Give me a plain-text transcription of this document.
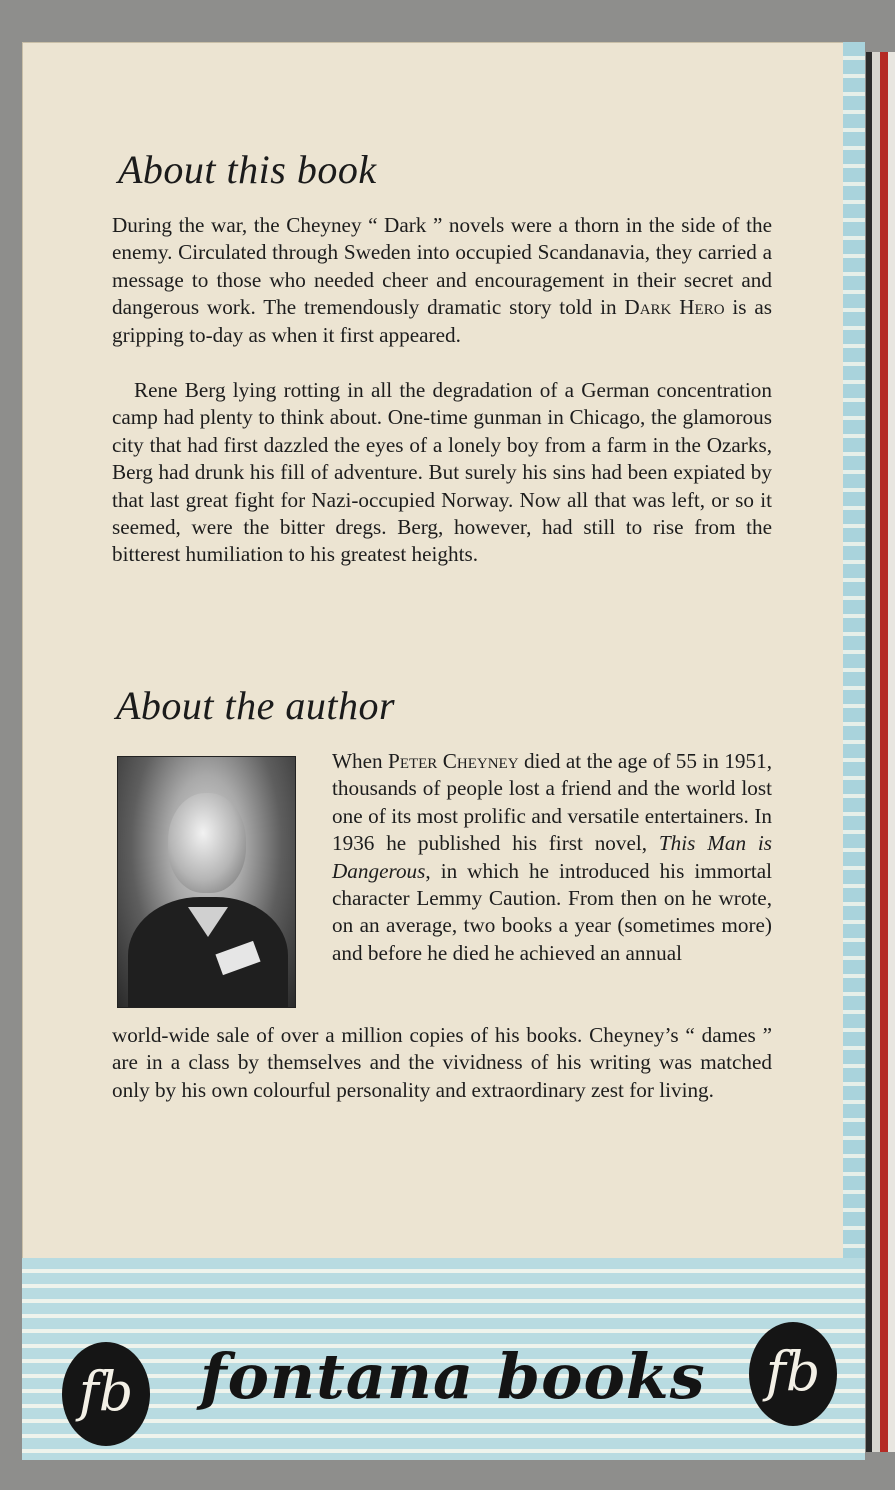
About this book

During the war, the Cheyney “ Dark ” novels were a thorn in the side of the enemy. Circulated through Sweden into occupied Scandanavia, they carried a message to those who needed cheer and encouragement in their secret and dangerous work. The tremendously dramatic story told in Dark Hero is as gripping to-day as when it first appeared.

Rene Berg lying rotting in all the degradation of a German concentration camp had plenty to think about. One-time gunman in Chicago, the glamorous city that had first dazzled the eyes of a lonely boy from a farm in the Ozarks, Berg had drunk his fill of adventure. But surely his sins had been expiated by that last great fight for Nazi-occupied Norway. Now all that was left, or so it seemed, were the bitter dregs. Berg, however, had still to rise from the bitterest humiliation to his greatest heights.

About the author

When Peter Cheyney died at the age of 55 in 1951, thousands of people lost a friend and the world lost one of its most prolific and versatile entertainers. In 1936 he published his first novel, This Man is Dangerous, in which he introduced his immortal character Lemmy Caution. From then on he wrote, on an average, two books a year (sometimes more) and before he died he achieved an annual

world-wide sale of over a million copies of his books. Cheyney’s “ dames ” are in a class by themselves and the vividness of his writing was matched only by his own colourful personality and extraordinary zest for living.

fb fontana books	fb
